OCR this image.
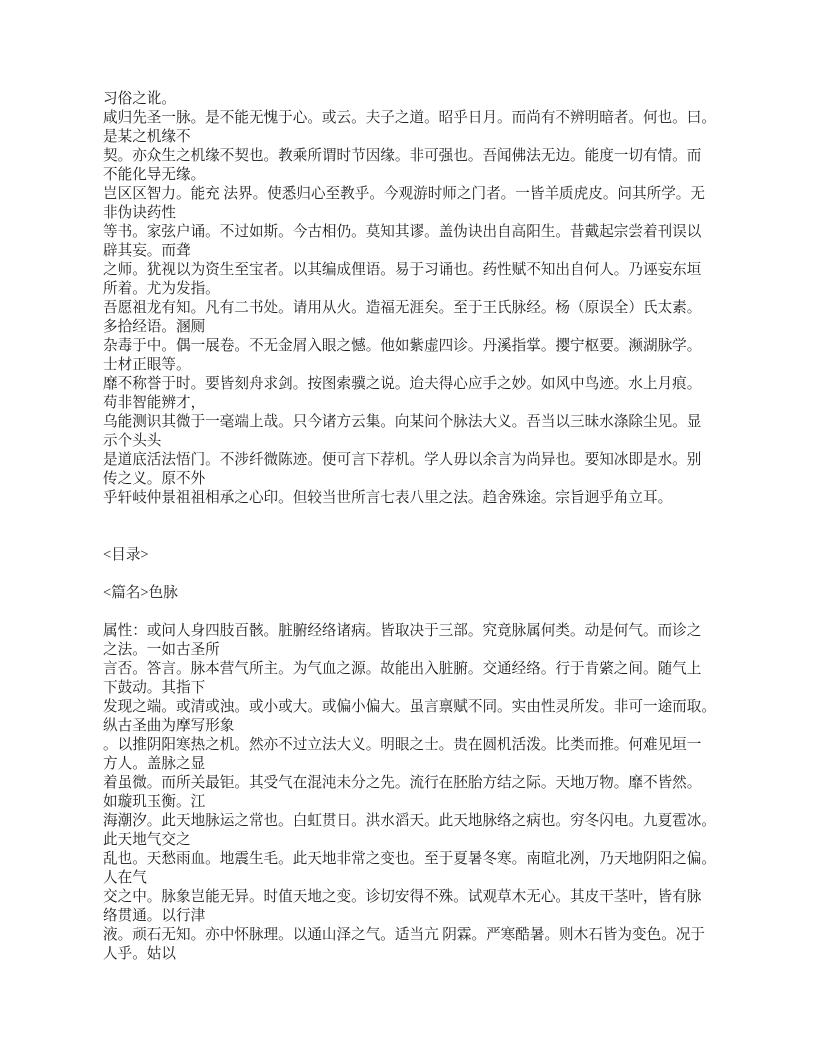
习俗之讹。
咸归先圣一脉。是不能无愧于心。或云。夫子之道。昭乎日月。而尚有不辨明暗者。何也。曰。
是某之机缘不
契。亦众生之机缘不契也。教乘所谓时节因缘。非可强也。吾闻佛法无边。能度一切有情。而
不能化导无缘。
岂区区智力。能充 法界。使悉归心至教乎。今观游时师之门者。一皆羊质虎皮。问其所学。无
非伪诀药性
等书。家弦户诵。不过如斯。今古相仍。莫知其谬。盖伪诀出自高阳生。昔戴起宗尝着刊误以
辟其妄。而聋
之师。犹视以为资生至宝者。以其编成俚语。易于习诵也。药性赋不知出自何人。乃诬妄东垣
所着。尤为发指。
吾愿祖龙有知。凡有二书处。请用从火。造福无涯矣。至于王氏脉经。杨（原误全）氏太素。
多拾经语。溷厕
杂毒于中。偶一展卷。不无金屑入眼之憾。他如紫虚四诊。丹溪指掌。撄宁枢要。濒湖脉学。
士材正眼等。
靡不称誉于时。要皆刻舟求剑。按图索骥之说。迨夫得心应手之妙。如风中鸟迹。水上月痕。
苟非智能辨才，
乌能测识其微于一毫端上哉。只今诸方云集。向某问个脉法大义。吾当以三昧水涤除尘见。显
示个头头
是道底活法悟门。不涉纤微陈迹。便可言下荐机。学人毋以余言为尚异也。要知冰即是水。别
传之义。原不外
乎轩岐仲景祖祖相承之心印。但较当世所言七表八里之法。趋舍殊途。宗旨迥乎角立耳。
<目录>
<篇名>色脉
属性：或问人身四肢百骸。脏腑经络诸病。皆取决于三部。究竟脉属何类。动是何气。而诊之
之法。一如古圣所
言否。答言。脉本营气所主。为气血之源。故能出入脏腑。交通经络。行于肯綮之间。随气上
下鼓动。其指下
发现之端。或清或浊。或小或大。或偏小偏大。虽言禀赋不同。实由性灵所发。非可一途而取。
纵古圣曲为摩写形象
。以推阴阳寒热之机。然亦不过立法大义。明眼之士。贵在圆机活泼。比类而推。何难见垣一
方人。盖脉之显
着虽微。而所关最钜。其受气在混沌未分之先。流行在胚胎方结之际。天地万物。靡不皆然。
如璇玑玉衡。江
海潮汐。此天地脉运之常也。白虹贯日。洪水滔天。此天地脉络之病也。穷冬闪电。九夏雹冰。
此天地气交之
乱也。天愁雨血。地震生毛。此天地非常之变也。至于夏暑冬寒。南暄北冽，乃天地阴阳之偏。
人在气
交之中。脉象岂能无异。时值天地之变。诊切安得不殊。试观草木无心。其皮干茎叶，皆有脉
络贯通。以行津
液。顽石无知。亦中怀脉理。以通山泽之气。适当亢 阴霖。严寒酷暑。则木石皆为变色。况于
人乎。姑以
